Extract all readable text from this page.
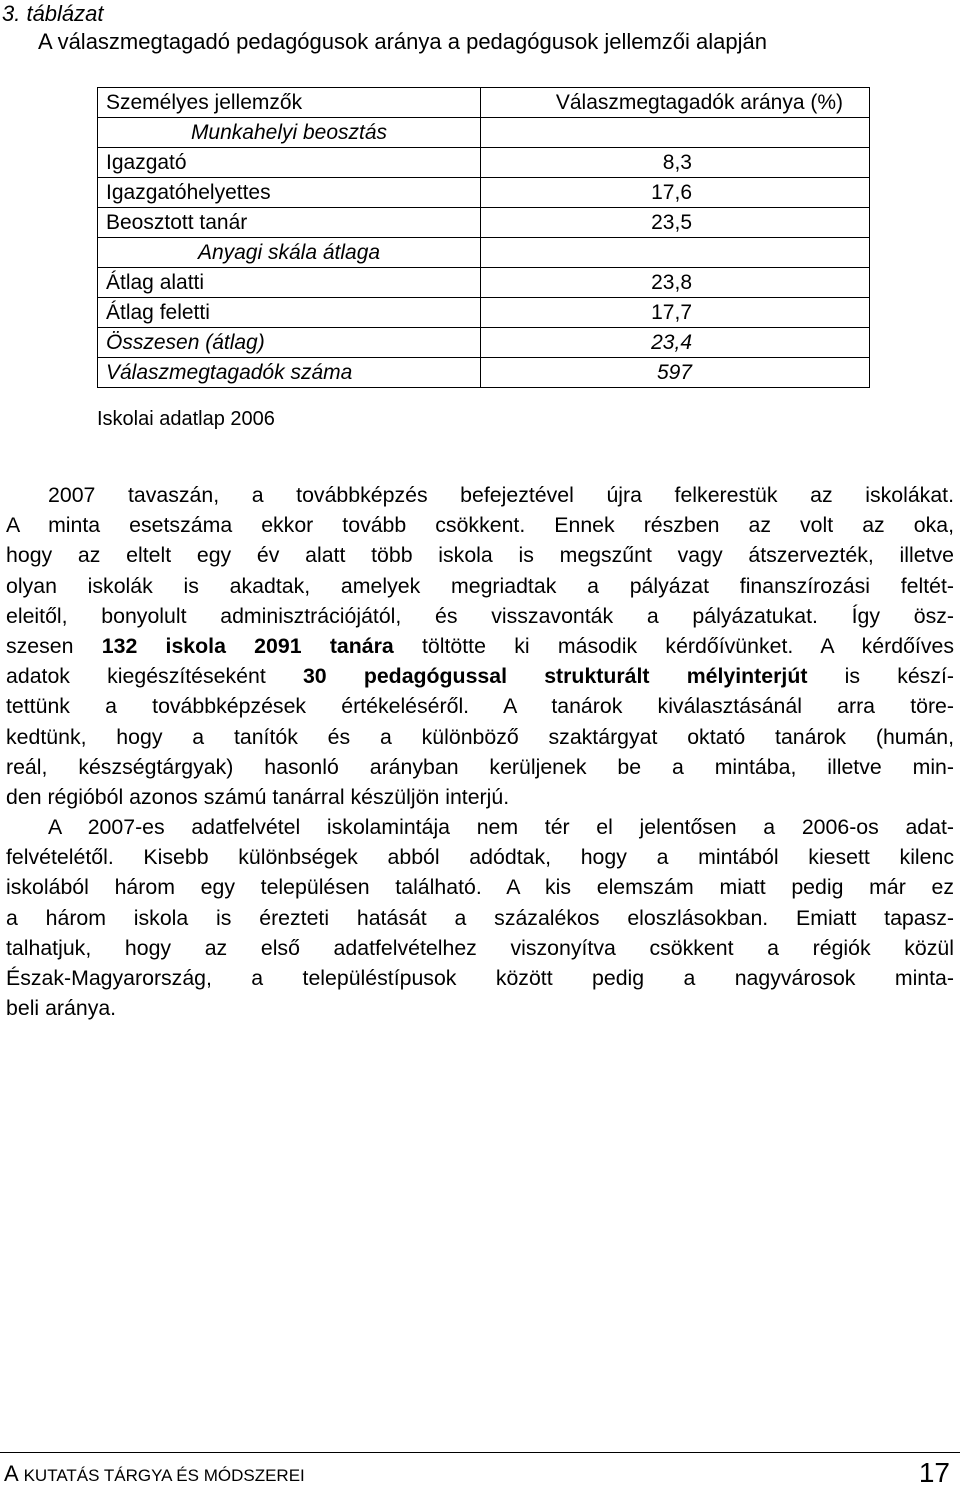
3. táblázat
A válaszmegtagadó pedagógusok aránya a pedagógusok jellemzői alapján
Személyes jellemzők	Válaszmegtagadók aránya (%)
Munkahelyi beosztás	
Igazgató	8,3
Igazgatóhelyettes	17,6
Beosztott tanár	23,5
Anyagi skála átlaga	
Átlag alatti	23,8
Átlag feletti	17,7
Összesen (átlag)	23,4
Válaszmegtagadók száma	597
Iskolai adatlap 2006
2007 tavaszán, a továbbképzés befejeztével újra felkerestük az iskolákat.
A minta esetszáma ekkor tovább csökkent. Ennek részben az volt az oka,
hogy az eltelt egy év alatt több iskola is megszűnt vagy átszervezték, illetve
olyan iskolák is akadtak, amelyek megriadtak a pályázat finanszírozási feltét-
eleitől, bonyolult adminisztrációjától, és visszavonták a pályázatukat. Így ösz-
szesen 132 iskola 2091 tanára töltötte ki második kérdőívünket. A kérdőíves
adatok kiegészítéseként 30 pedagógussal strukturált mélyinterjút is készí-
tettünk a továbbképzések értékeléséről. A tanárok kiválasztásánál arra töre-
kedtünk, hogy a tanítók és a különböző szaktárgyat oktató tanárok (humán,
reál, készségtárgyak) hasonló arányban kerüljenek be a mintába, illetve min-
den régióból azonos számú tanárral készüljön interjú.
A 2007-es adatfelvétel iskolamintája nem tér el jelentősen a 2006-os adat-
felvételétől. Kisebb különbségek abból adódtak, hogy a mintából kiesett kilenc
iskolából három egy településen található. A kis elemszám miatt pedig már ez
a három iskola is érezteti hatását a százalékos eloszlásokban. Emiatt tapasz-
talhatjuk, hogy az első adatfelvételhez viszonyítva csökkent a régiók közül
Észak-Magyarország, a településtípusok között pedig a nagyvárosok minta-
beli aránya.
A KUTATÁS TÁRGYA ÉS MÓDSZEREI	17
